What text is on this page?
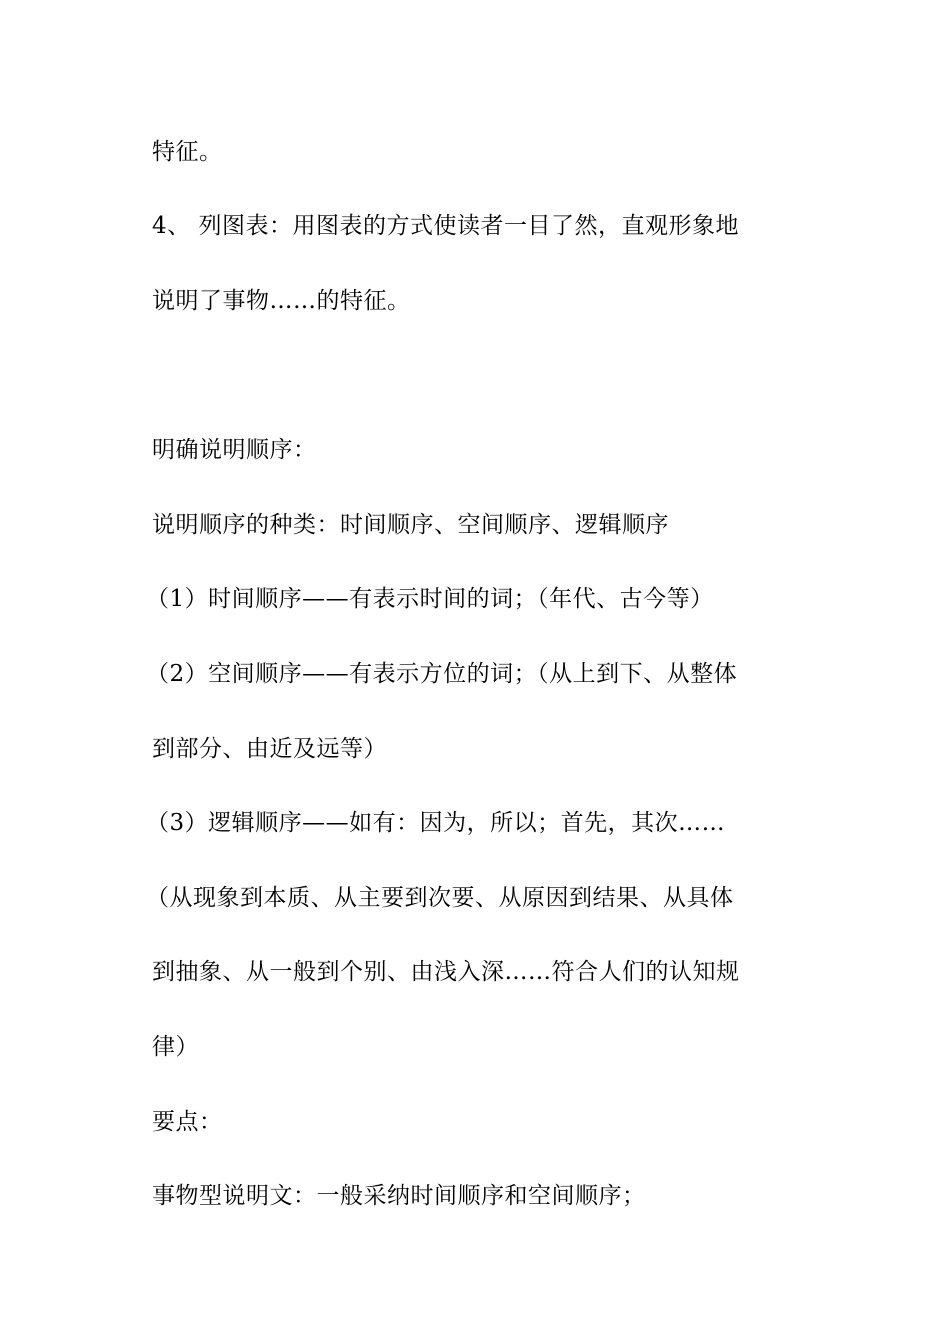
特征。
4、 列图表：用图表的方式使读者一目了然，直观形象地
说明了事物……的特征。
明确说明顺序：
说明顺序的种类：时间顺序、空间顺序、逻辑顺序
（1）时间顺序——有表示时间的词；（年代、古今等）
（2）空间顺序——有表示方位的词；（从上到下、从整体
到部分、由近及远等）
（3）逻辑顺序——如有：因为，所以；首先，其次……
（从现象到本质、从主要到次要、从原因到结果、从具体
到抽象、从一般到个别、由浅入深……符合人们的认知规
律）
要点：
事物型说明文：一般采纳时间顺序和空间顺序；
